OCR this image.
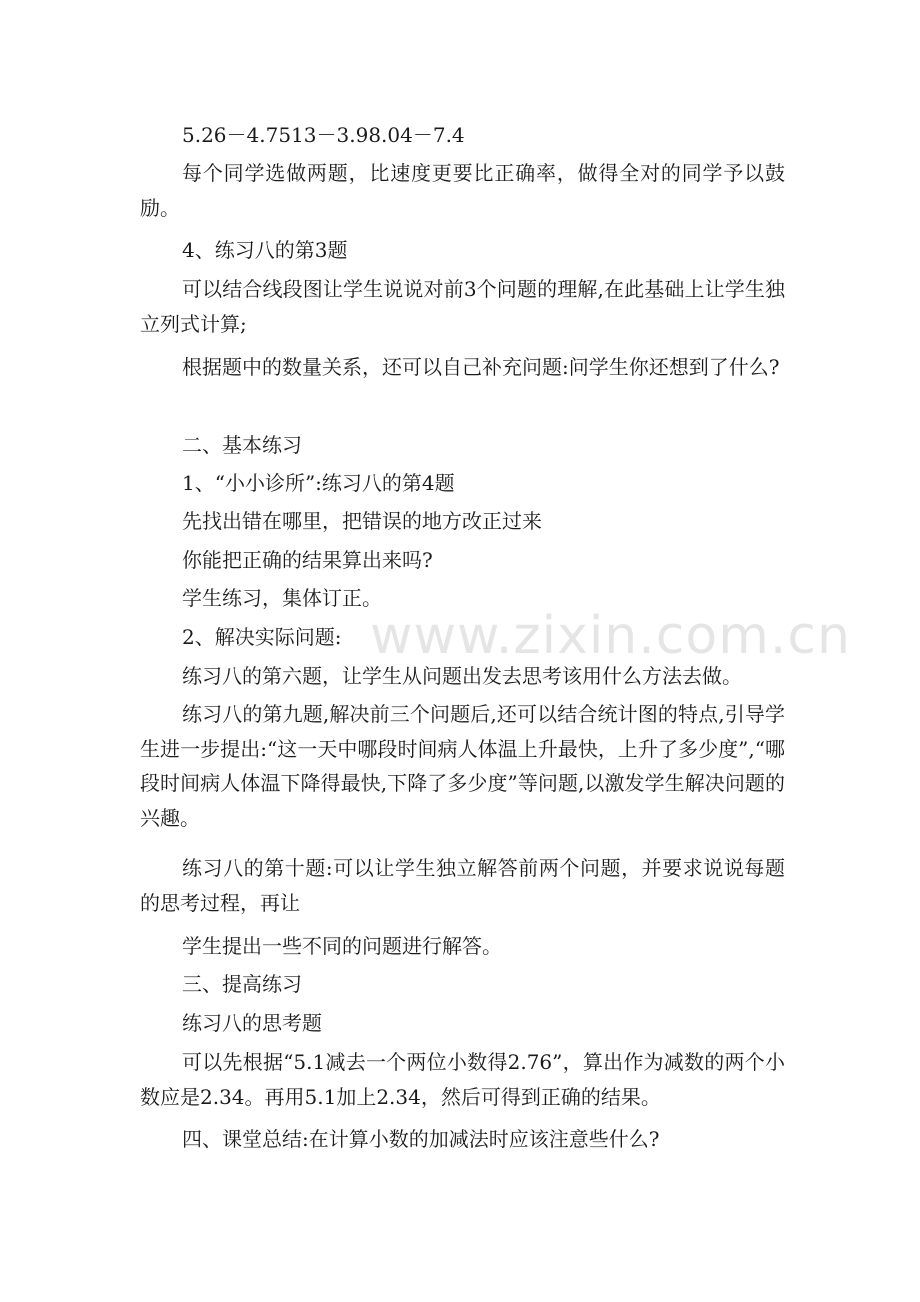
5.26－4.7513－3.98.04－7.4

每个同学选做两题，比速度更要比正确率，做得全对的同学予以鼓励。

4、练习八的第3题

可以结合线段图让学生说说对前3个问题的理解,在此基础上让学生独立列式计算;

根据题中的数量关系，还可以自己补充问题:问学生你还想到了什么?

二、基本练习

1、“小小诊所”:练习八的第4题

先找出错在哪里，把错误的地方改正过来

你能把正确的结果算出来吗?

学生练习，集体订正。

2、解决实际问题:

练习八的第六题，让学生从问题出发去思考该用什么方法去做。

练习八的第九题,解决前三个问题后,还可以结合统计图的特点,引导学生进一步提出:“这一天中哪段时间病人体温上升最快，上升了多少度”,“哪段时间病人体温下降得最快,下降了多少度”等问题,以激发学生解决问题的兴趣。

练习八的第十题:可以让学生独立解答前两个问题，并要求说说每题的思考过程，再让

学生提出一些不同的问题进行解答。

三、提高练习

练习八的思考题

可以先根据“5.1减去一个两位小数得2.76”，算出作为减数的两个小数应是2.34。再用5.1加上2.34，然后可得到正确的结果。

四、课堂总结:在计算小数的加减法时应该注意些什么?

www.zixin.com.cn
